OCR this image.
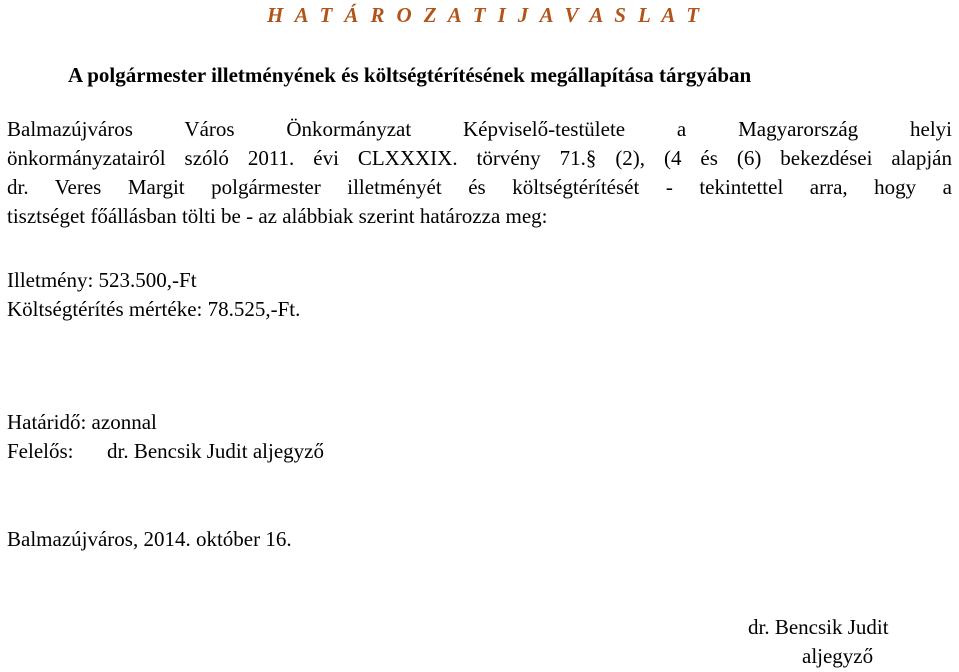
H A T Á R O Z A T I J A V A S L A T
A polgármester illetményének és költségtérítésének megállapítása tárgyában
Balmazújváros Város Önkormányzat Képviselő-testülete a Magyarország helyi
önkormányzatairól szóló 2011. évi CLXXXIX. törvény 71.§ (2), (4 és (6) bekezdései alapján
dr. Veres Margit polgármester illetményét és költségtérítését - tekintettel arra, hogy a
tisztséget főállásban tölti be - az alábbiak szerint határozza meg:
Illetmény: 523.500,-Ft
Költségtérítés mértéke: 78.525,-Ft.
Határidő: azonnal
Felelős: dr. Bencsik Judit aljegyző
Balmazújváros, 2014. október 16.
dr. Bencsik Judit
aljegyző
